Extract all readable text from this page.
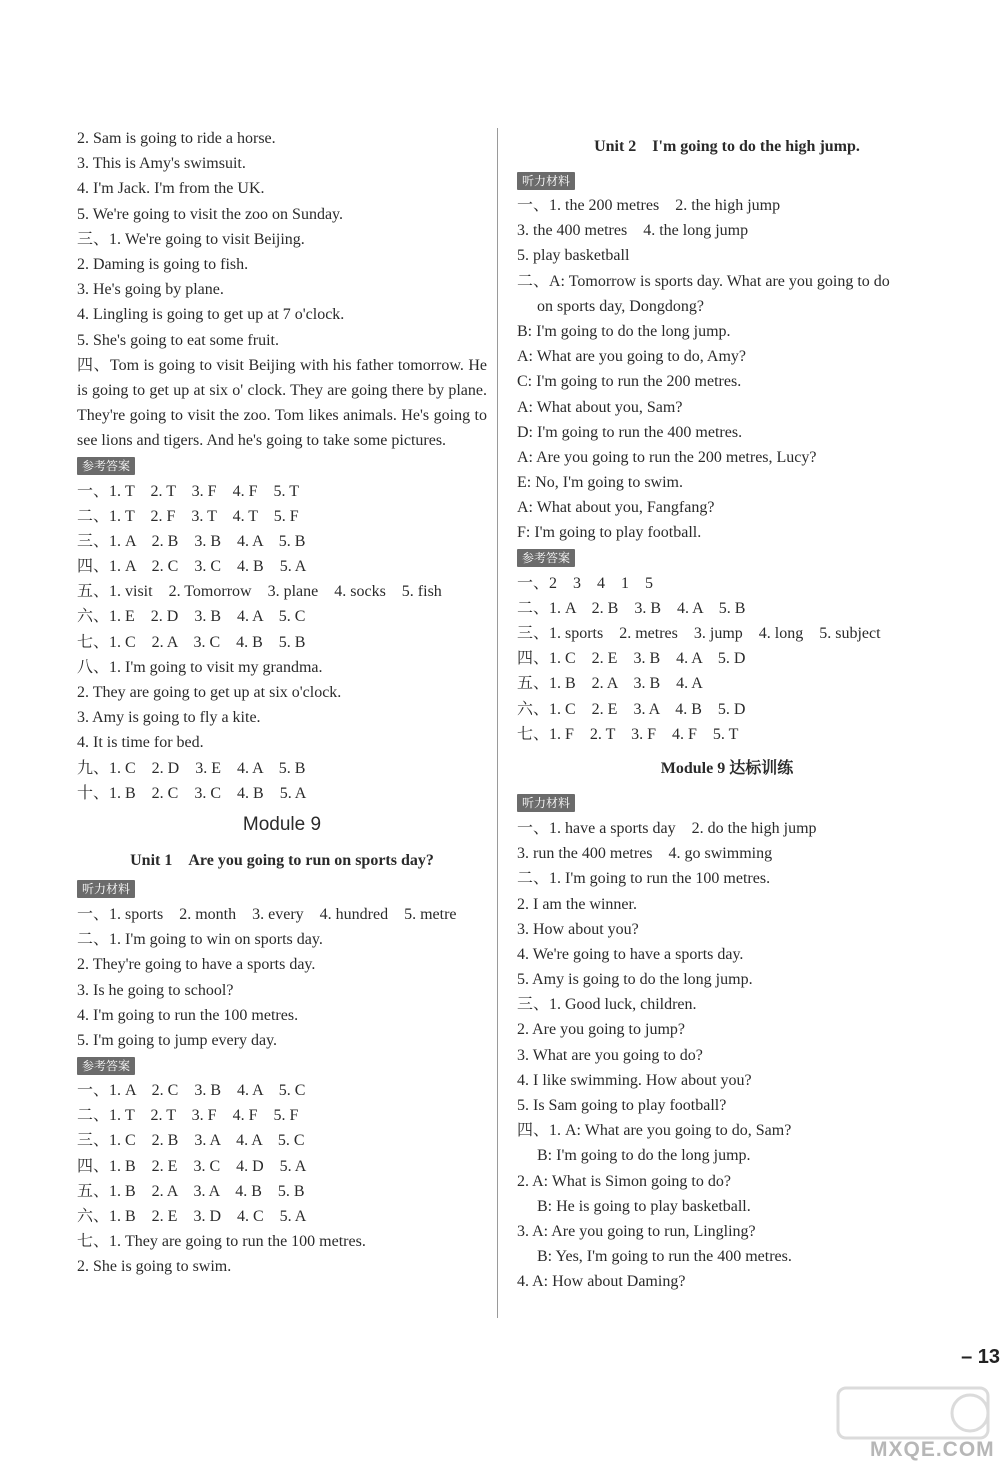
2. Sam is going to ride a horse.
3. This is Amy's swimsuit.
4. I'm Jack. I'm from the UK.
5. We're going to visit the zoo on Sunday.
三、1. We're going to visit Beijing.
2. Daming is going to fish.
3. He's going by plane.
4. Lingling is going to get up at 7 o'clock.
5. She's going to eat some fruit.
四、Tom is going to visit Beijing with his father tomorrow. He is going to get up at six o' clock. They are going there by plane. They're going to visit the zoo. Tom likes animals. He's going to see lions and tigers. And he's going to take some pictures.
参考答案
一、1. T　2. T　3. F　4. F　5. T
二、1. T　2. F　3. T　4. T　5. F
三、1. A　2. B　3. B　4. A　5. B
四、1. A　2. C　3. C　4. B　5. A
五、1. visit　2. Tomorrow　3. plane　4. socks　5. fish
六、1. E　2. D　3. B　4. A　5. C
七、1. C　2. A　3. C　4. B　5. B
八、1. I'm going to visit my grandma.
2. They are going to get up at six o'clock.
3. Amy is going to fly a kite.
4. It is time for bed.
九、1. C　2. D　3. E　4. A　5. B
十、1. B　2. C　3. C　4. B　5. A
Module 9
Unit 1　Are you going to run on sports day?
听力材料
一、1. sports　2. month　3. every　4. hundred　5. metre
二、1. I'm going to win on sports day.
2. They're going to have a sports day.
3. Is he going to school?
4. I'm going to run the 100 metres.
5. I'm going to jump every day.
参考答案
一、1. A　2. C　3. B　4. A　5. C
二、1. T　2. T　3. F　4. F　5. F
三、1. C　2. B　3. A　4. A　5. C
四、1. B　2. E　3. C　4. D　5. A
五、1. B　2. A　3. A　4. B　5. B
六、1. B　2. E　3. D　4. C　5. A
七、1. They are going to run the 100 metres.
2. She is going to swim.
Unit 2　I'm going to do the high jump.
听力材料
一、1. the 200 metres　2. the high jump
3. the 400 metres　4. the long jump
5. play basketball
二、A: Tomorrow is sports day. What are you going to do
on sports day, Dongdong?
B: I'm going to do the long jump.
A: What are you going to do, Amy?
C: I'm going to run the 200 metres.
A: What about you, Sam?
D: I'm going to run the 400 metres.
A: Are you going to run the 200 metres, Lucy?
E: No, I'm going to swim.
A: What about you, Fangfang?
F: I'm going to play football.
参考答案
一、2　3　4　1　5
二、1. A　2. B　3. B　4. A　5. B
三、1. sports　2. metres　3. jump　4. long　5. subject
四、1. C　2. E　3. B　4. A　5. D
五、1. B　2. A　3. B　4. A
六、1. C　2. E　3. A　4. B　5. D
七、1. F　2. T　3. F　4. F　5. T
Module 9 达标训练
听力材料
一、1. have a sports day　2. do the high jump
3. run the 400 metres　4. go swimming
二、1. I'm going to run the 100 metres.
2. I am the winner.
3. How about you?
4. We're going to have a sports day.
5. Amy is going to do the long jump.
三、1. Good luck, children.
2. Are you going to jump?
3. What are you going to do?
4. I like swimming. How about you?
5. Is Sam going to play football?
四、1. A: What are you going to do, Sam?
B: I'm going to do the long jump.
2. A: What is Simon going to do?
B: He is going to play basketball.
3. A: Are you going to run, Lingling?
B: Yes, I'm going to run the 400 metres.
4. A: How about Daming?
– 13
MXQE.COM
